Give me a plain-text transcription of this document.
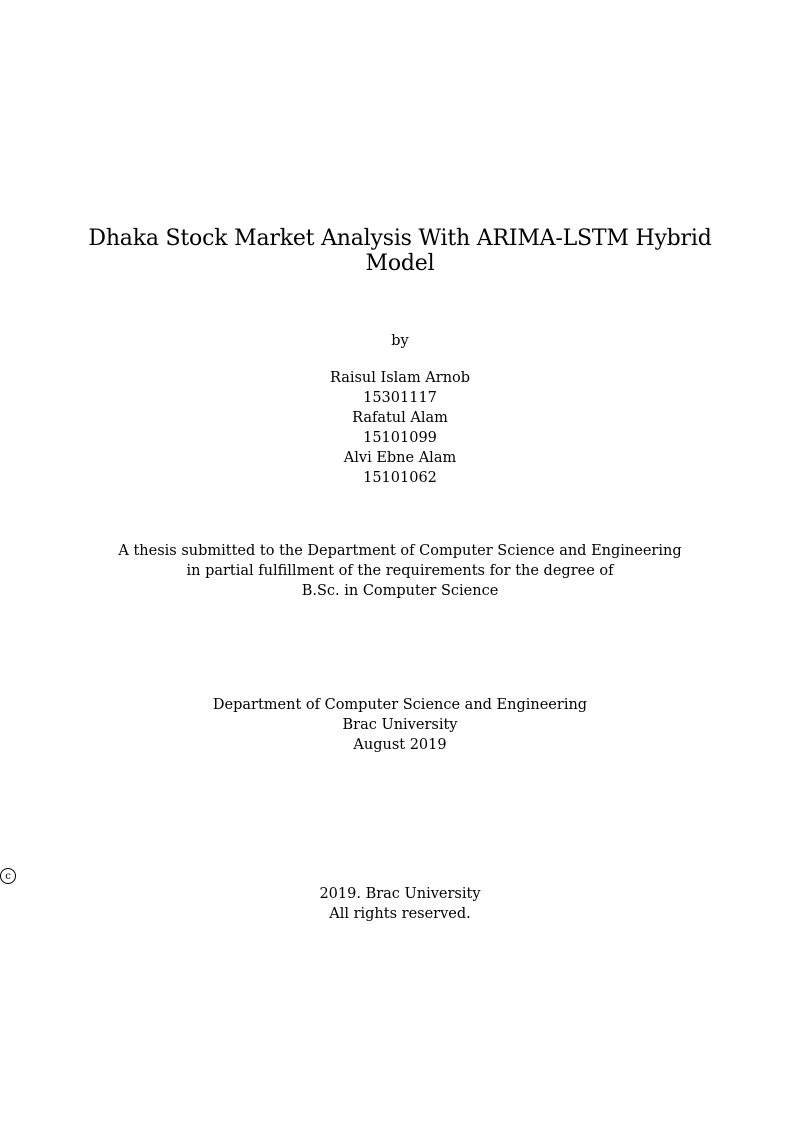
Dhaka Stock Market Analysis With ARIMA-LSTM Hybrid
Model
by
Raisul Islam Arnob
15301117
Rafatul Alam
15101099
Alvi Ebne Alam
15101062
A thesis submitted to the Department of Computer Science and Engineering
in partial fulfillment of the requirements for the degree of
B.Sc. in Computer Science
Department of Computer Science and Engineering
Brac University
August 2019
c
2019. Brac University
All rights reserved.
